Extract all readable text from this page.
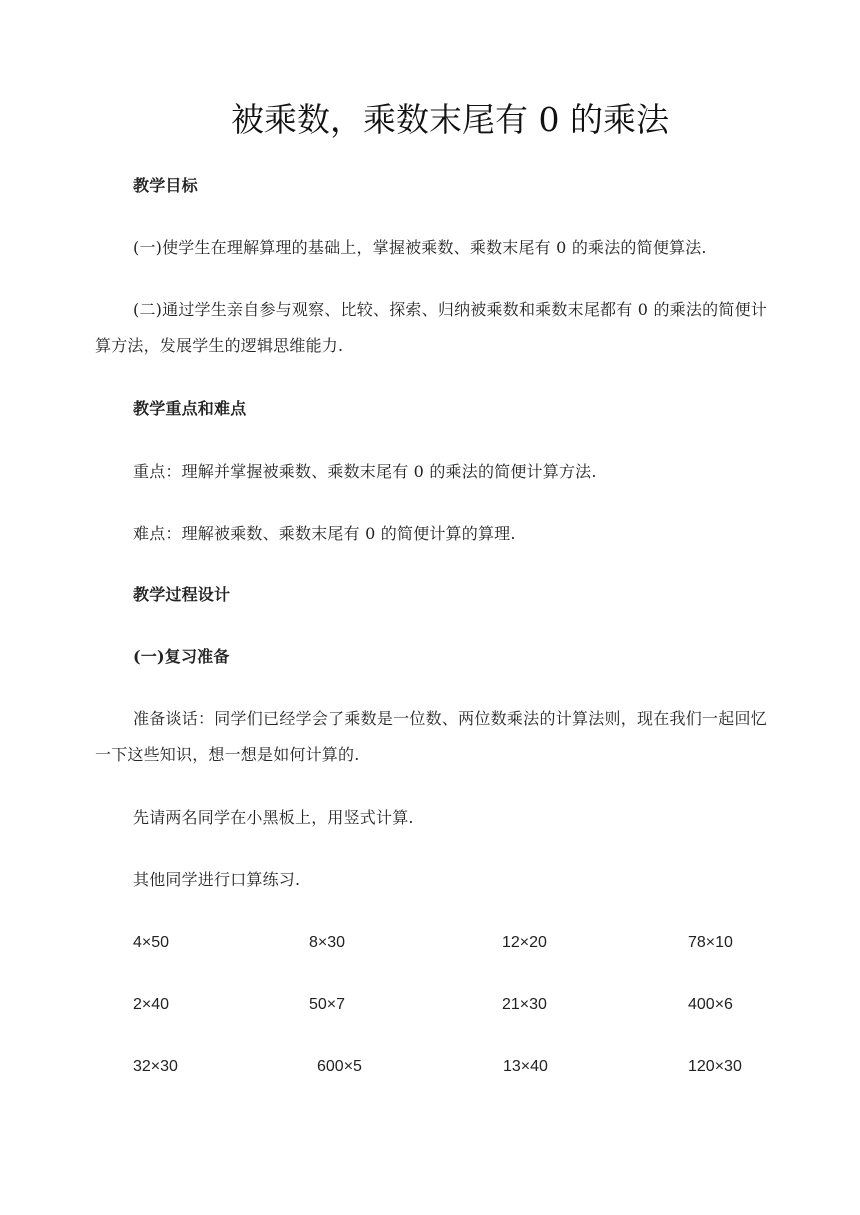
被乘数，乘数末尾有 0 的乘法

教学目标

(一)使学生在理解算理的基础上，掌握被乘数、乘数末尾有 0 的乘法的简便算法.

(二)通过学生亲自参与观察、比较、探索、归纳被乘数和乘数末尾都有 0 的乘法的简便计算方法，发展学生的逻辑思维能力.

教学重点和难点

重点：理解并掌握被乘数、乘数末尾有 0 的乘法的简便计算方法.

难点：理解被乘数、乘数末尾有 0 的简便计算的算理.

教学过程设计

(一)复习准备

准备谈话：同学们已经学会了乘数是一位数、两位数乘法的计算法则，现在我们一起回忆一下这些知识，想一想是如何计算的.

先请两名同学在小黑板上，用竖式计算.

其他同学进行口算练习.

4×50	8×30	12×20	78×10
2×40	50×7	21×30	400×6
32×30	600×5	13×40	120×30
